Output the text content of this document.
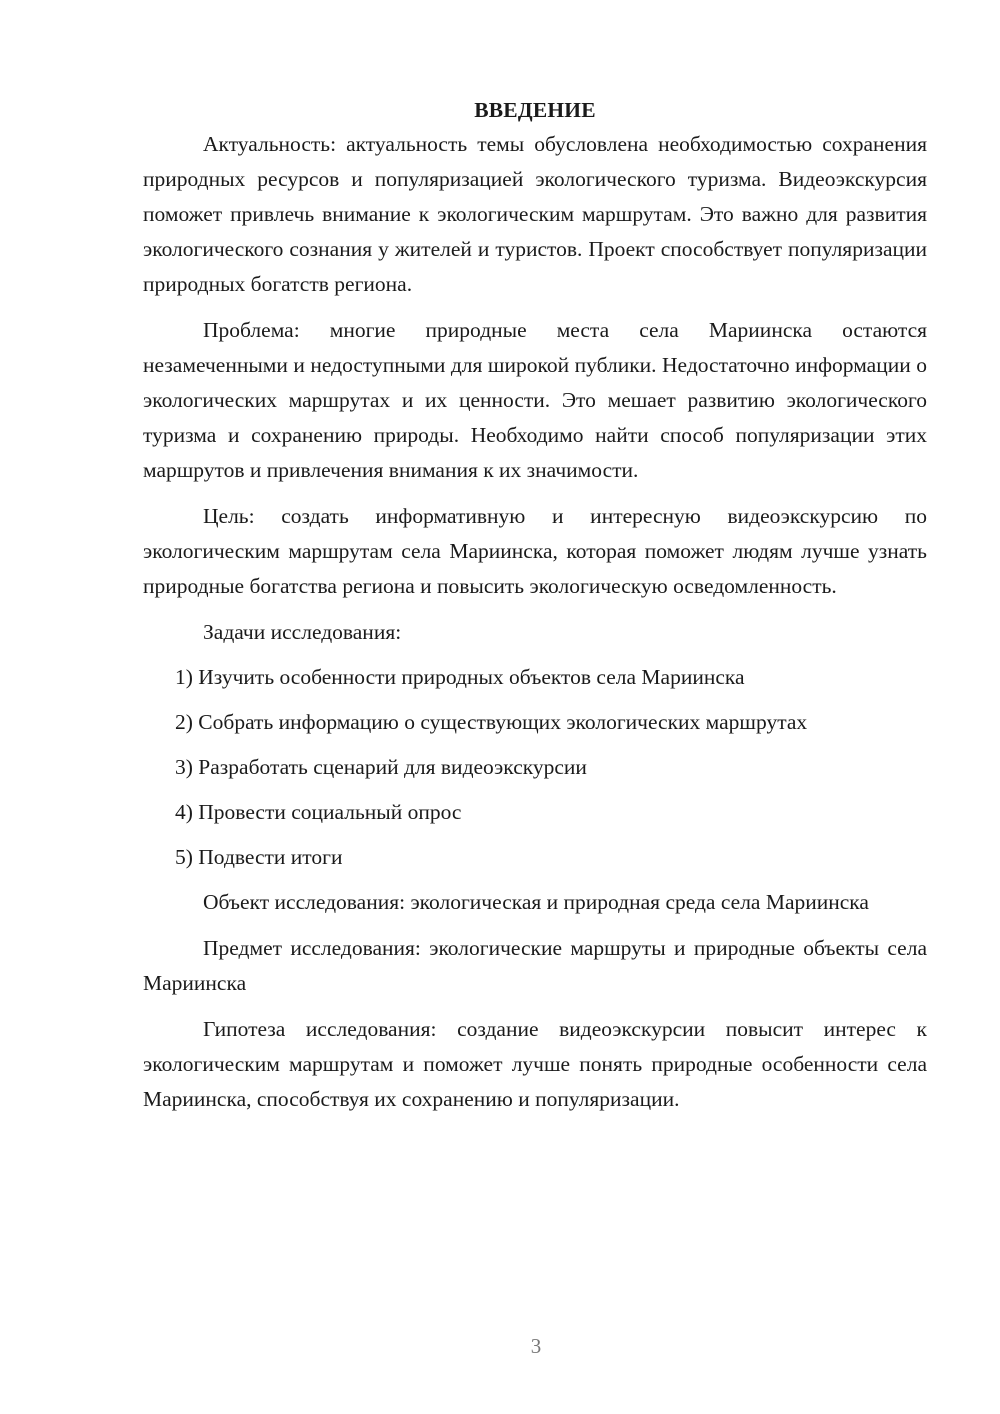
ВВЕДЕНИЕ

Актуальность: актуальность темы обусловлена необходимостью сохранения природных ресурсов и популяризацией экологического туризма. Видеоэкскурсия поможет привлечь внимание к экологическим маршрутам. Это важно для развития экологического сознания у жителей и туристов. Проект способствует популяризации природных богатств региона.

Проблема: многие природные места села Мариинска остаются незамеченными и недоступными для широкой публики. Недостаточно информации о экологических маршрутах и их ценности. Это мешает развитию экологического туризма и сохранению природы. Необходимо найти способ популяризации этих маршрутов и привлечения внимания к их значимости.

Цель: создать информативную и интересную видеоэкскурсию по экологическим маршрутам села Мариинска, которая поможет людям лучше узнать природные богатства региона и повысить экологическую осведомленность.

Задачи исследования:

1) Изучить особенности природных объектов села Мариинска
2) Собрать информацию о существующих экологических маршрутах
3) Разработать сценарий для видеоэкскурсии
4) Провести социальный опрос
5) Подвести итоги

Объект исследования: экологическая и природная среда села Мариинска

Предмет исследования: экологические маршруты и природные объекты села Мариинска

Гипотеза исследования: создание видеоэкскурсии повысит интерес к экологическим маршрутам и поможет лучше понять природные особенности села Мариинска, способствуя их сохранению и популяризации.

3
